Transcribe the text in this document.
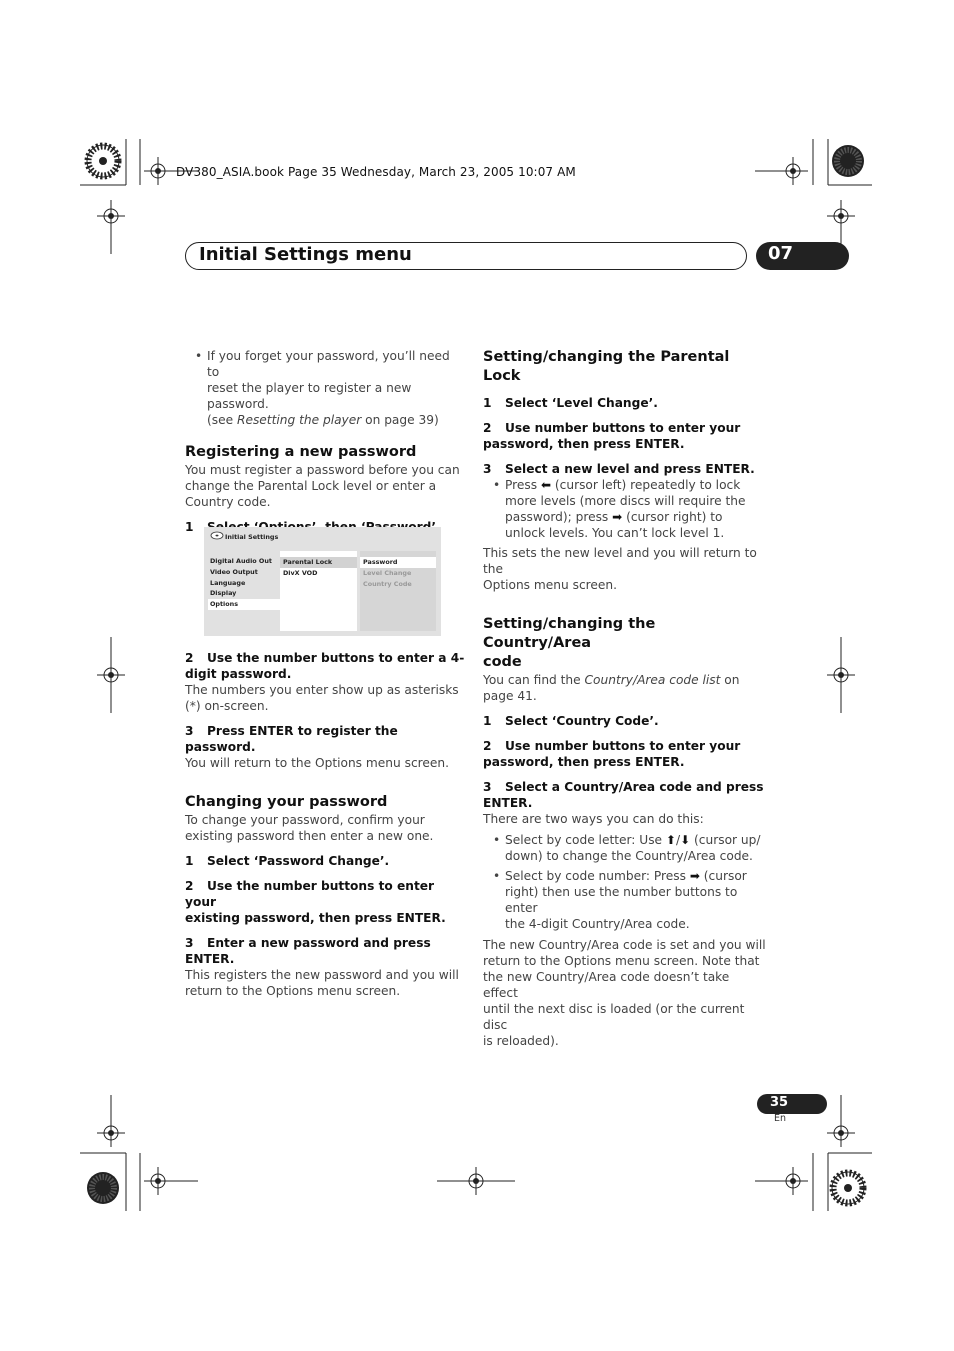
DV380_ASIA.book Page 35 Wednesday, March 23, 2005 10:07 AM
Initial Settings menu	07
• If you forget your password, you’ll need to
reset the player to register a new password.
(see Resetting the player on page 39)
Registering a new password
You must register a password before you can
change the Parental Lock level or enter a
Country code.
1
Initial Settings
Digital Audio Out
Video Output
Language
Display
Options
Parental Lock
DivX VOD
Password
Level Change
Country Code
2 Use the number buttons to enter a 4-
digit password.
The numbers you enter show up as asterisks
(*) on-screen.
3 Press ENTER to register the password.
You will return to the Options menu screen.
Changing your password
To change your password, confirm your
existing password then enter a new one.
1 Select ‘Password Change’.
2 Use the number buttons to enter your
existing password, then press ENTER.
3 Enter a new password and press ENTER.
This registers the new password and you will
return to the Options menu screen.
Setting/changing the Parental Lock
1 Select ‘Level Change’.
2 Use number buttons to enter your
password, then press ENTER.
3 Select a new level and press ENTER.
• Press ⬅ (cursor left) repeatedly to lock
more levels (more discs will require the
password); press ➡ (cursor right) to
unlock levels. You can’t lock level 1.
This sets the new level and you will return to the
Options menu screen.
Setting/changing the Country/Area
code
You can find the Country/Area code list on
page 41.
1 Select ‘Country Code’.
2 Use number buttons to enter your
password, then press ENTER.
3 Select a Country/Area code and press
ENTER.
There are two ways you can do this:
• Select by code letter: Use ⬆/⬇ (cursor up/
down) to change the Country/Area code.
• Select by code number: Press ➡ (cursor
right) then use the number buttons to enter
the 4-digit Country/Area code.
The new Country/Area code is set and you will
return to the Options menu screen. Note that
the new Country/Area code doesn’t take effect
until the next disc is loaded (or the current disc
is reloaded).
35
En
